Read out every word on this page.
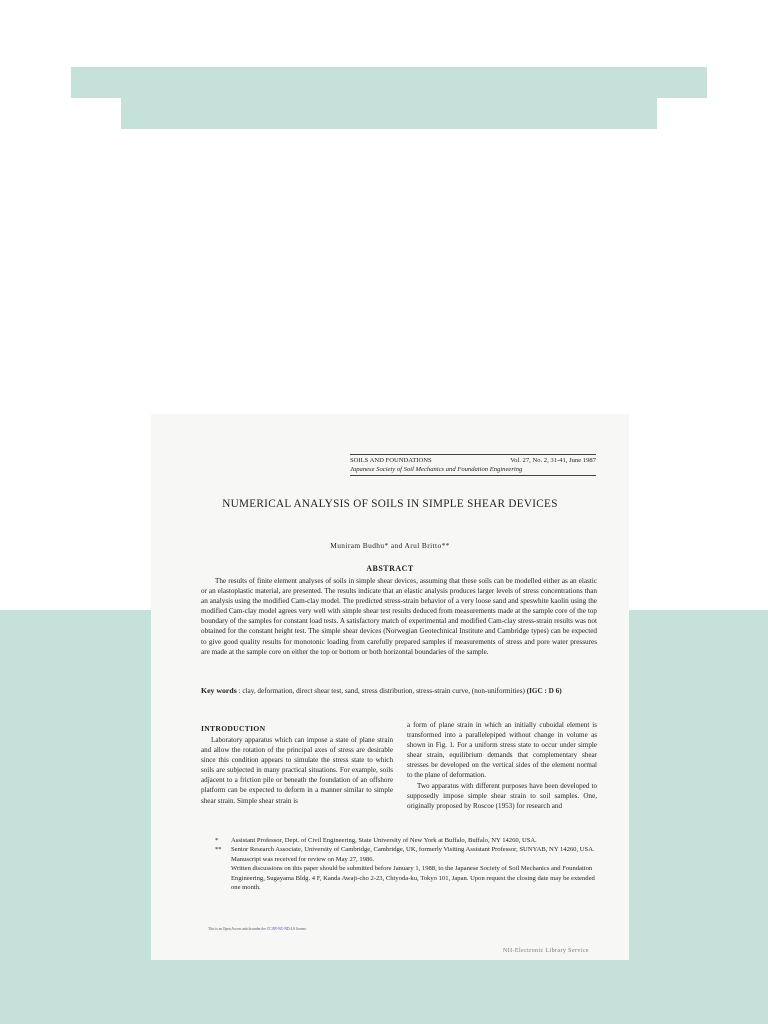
SOILS AND FOUNDATIONS	Vol. 27, No. 2, 31-41, June 1987
Japanese Society of Soil Mechanics and Foundation Engineering
NUMERICAL ANALYSIS OF SOILS IN SIMPLE SHEAR DEVICES
Muniram Budhu* and Arul Britto**
ABSTRACT

The results of finite element analyses of soils in simple shear devices, assuming that these soils can be modelled either as an elastic or an elastoplastic material, are presented. The results indicate that an elastic analysis produces larger levels of stress concentrations than an analysis using the modified Cam-clay model. The predicted stress-strain behavior of a very loose sand and speswhite kaolin using the modified Cam-clay model agrees very well with simple shear test results deduced from measurements made at the sample core of the top boundary of the samples for constant load tests. A satisfactory match of experimental and modified Cam-clay stress-strain results was not obtained for the constant height test. The simple shear devices (Norwegian Geotechnical Institute and Cambridge types) can be expected to give good quality results for monotonic loading from carefully prepared samples if measurements of stress and pore water pressures are made at the sample core on either the top or bottom or both horizontal boundaries of the sample.

Key words : clay, deformation, direct shear test, sand, stress distribution, stress-strain curve, (non-uniformities) (IGC : D 6)

INTRODUCTION

Laboratory apparatus which can impose a state of plane strain and allow the rotation of the principal axes of stress are desirable since this condition appears to simulate the stress state to which soils are subjected in many practical situations. For example, soils adjacent to a friction pile or beneath the foundation of an offshore platform can be expected to deform in a manner similar to simple shear strain. Simple shear strain is

a form of plane strain in which an initially cuboidal element is transformed into a parallelepiped without change in volume as shown in Fig. 1. For a uniform stress state to occur under simple shear strain, equilibrium demands that complementary shear stresses be developed on the vertical sides of the element normal to the plane of deformation.
Two apparatus with different purposes have been developed to supposedly impose simple shear strain to soil samples. One, originally proposed by Roscoe (1953) for research and
*	Assistant Professor, Dept. of Civil Engineering, State University of New York at Buffalo, Buffalo, NY 14260, USA.
**	Senior Research Associate, University of Cambridge, Cambridge, UK, formerly Visiting Assistant Professor, SUNYAB, NY 14260, USA.
Manuscript was received for review on May 27, 1986.
Written discussions on this paper should be submitted before January 1, 1988, to the Japanese Society of Soil Mechanics and Foundation Engineering, Sugayama Bldg. 4 F, Kanda Awaji-cho 2-23, Chiyoda-ku, Tokyo 101, Japan. Upon request the closing date may be extended one month.
This is an Open Access article under the CC BY-NC-ND 4.0 license.
NII-Electronic Library Service
